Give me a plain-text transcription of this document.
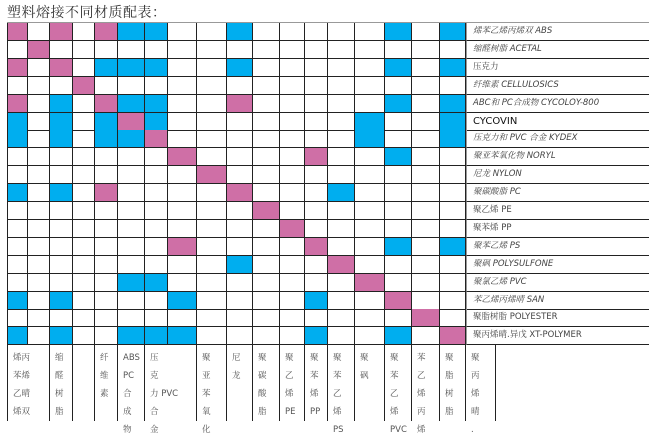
塑料熔接不同材质配表：
烯苯乙烯丙烯双 ABS
缩醛树脂 ACETAL
压克力
纤维素 CELLULOSICS
ABC和 PC合成物 CYCOLOY-800
CYCOVIN
压克力和 PVC 合金 KYDEX
聚亚苯氧化物 NORYL
尼龙 NYLON
聚碳酸脂 PC
聚乙烯 PE
聚苯烯 PP
聚苯乙烯 PS
聚砜 POLYSULFONE
聚氯乙烯 PVC
苯乙烯丙烯晴 SAN
聚脂树脂 POLYESTER
聚丙烯晴.异戊 XT-POLYMER
烯丙
苯烯
乙晴
烯双
缩
醛
树
脂
纤
维
素
ABS
PC
合
成
物
压
克
力 PVC
合
金
聚
亚
苯
氧
化
尼
龙
聚
碳
酸
脂
聚
乙
烯
PE
聚
苯
烯
PP
聚
苯
乙
烯
PS
聚
砜
聚
苯
乙
烯
PVC
苯
乙
烯
丙
烯
聚
脂
树
脂
聚
丙
烯
晴
.
